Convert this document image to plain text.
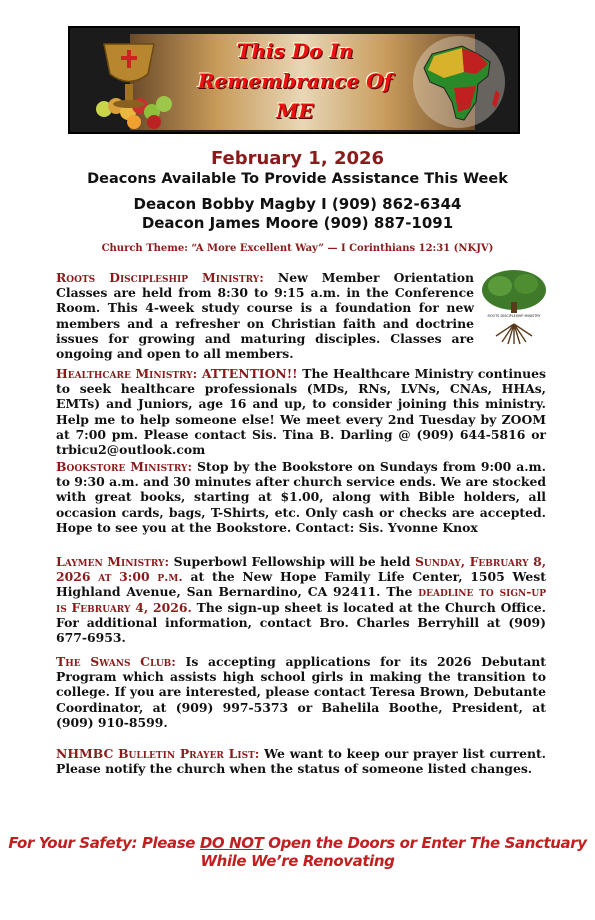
This Do In
Remembrance Of
ME
February 1, 2026
Deacons Available To Provide Assistance This Week
Deacon Bobby Magby I (909) 862-6344
Deacon James Moore (909) 887-1091
Church Theme: “A More Excellent Way” — I Corinthians 12:31 (NKJV)
Roots Discipleship Ministry: New Member Orientation Classes are held from 8:30 to 9:15 a.m. in the Conference Room. This 4-week study course is a foundation for new members and a refresher on Christian faith and doctrine issues for growing and maturing disciples. Classes are ongoing and open to all members.
ROOTS DISCIPLESHIP MINISTRY
Healthcare Ministry: ATTENTION!! The Healthcare Ministry continues to seek healthcare professionals (MDs, RNs, LVNs, CNAs, HHAs, EMTs) and Juniors, age 16 and up, to consider joining this ministry. Help me to help someone else! We meet every 2nd Tuesday by ZOOM at 7:00 pm. Please contact Sis. Tina B. Darling @ (909) 644-5816 or trbicu2@outlook.com
Bookstore Ministry: Stop by the Bookstore on Sundays from 9:00 a.m. to 9:30 a.m. and 30 minutes after church service ends. We are stocked with great books, starting at $1.00, along with Bible holders, all occasion cards, bags, T-Shirts, etc. Only cash or checks are accepted. Hope to see you at the Bookstore. Contact: Sis. Yvonne Knox
Laymen Ministry: Superbowl Fellowship will be held Sunday, February 8, 2026 at 3:00 p.m. at the New Hope Family Life Center, 1505 West Highland Avenue, San Bernardino, CA 92411. The deadline to sign-up is February 4, 2026. The sign-up sheet is located at the Church Office. For additional information, contact Bro. Charles Berryhill at (909) 677-6953.
The Swans Club: Is accepting applications for its 2026 Debutant Program which assists high school girls in making the transition to college. If you are interested, please contact Teresa Brown, Debutante Coordinator, at (909) 997-5373 or Bahelila Boothe, President, at (909) 910-8599.
NHMBC Bulletin Prayer List: We want to keep our prayer list current. Please notify the church when the status of someone listed changes.
For Your Safety: Please DO NOT Open the Doors or Enter The Sanctuary While We’re Renovating
